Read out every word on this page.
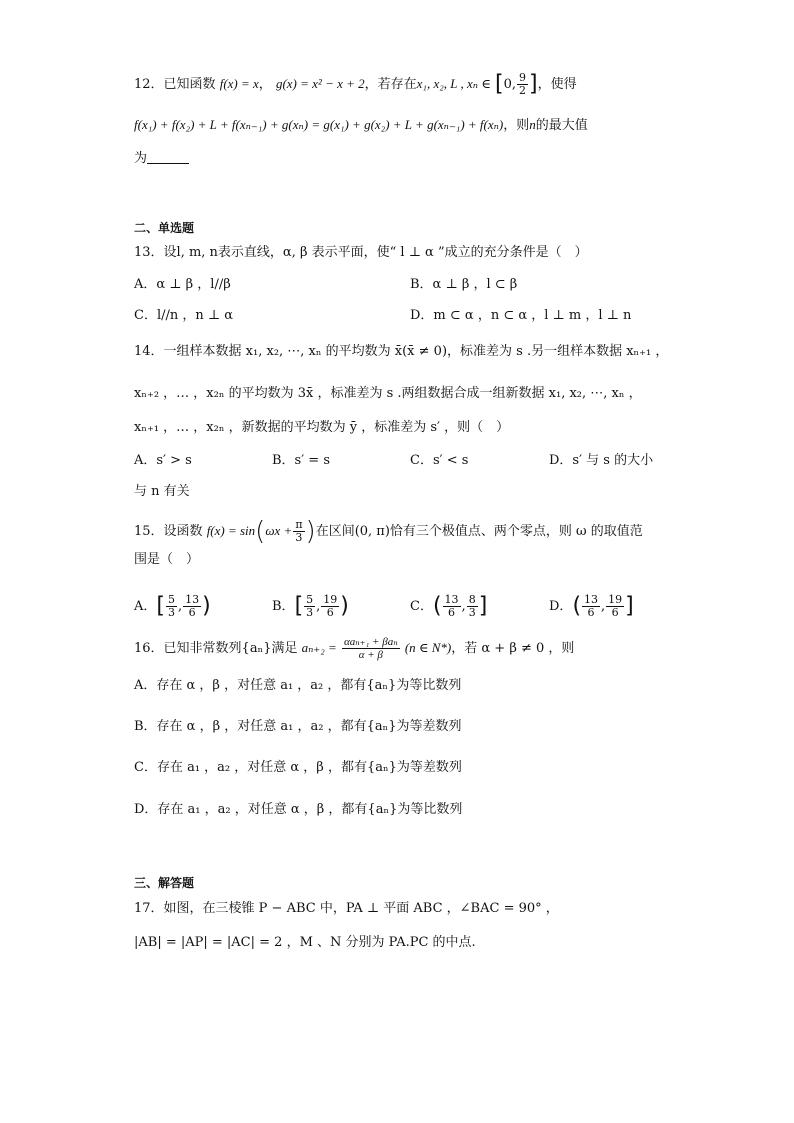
12．已知函数 f(x) = x， g(x) = x² − x + 2，若存在x₁, x₂, L , xₙ ∈ [0, $\frac{9}{2}$ ]，使得
f(x₁) + f(x₂) + L + f(xₙ₋₁) + g(xₙ) = g(x₁) + g(x₂) + L + g(xₙ₋₁) + f(xₙ)，则n的最大值
为
二、单选题
13．设l, m, n表示直线，α, β 表示平面，使“ l ⊥ α ”成立的充分条件是（　）
A．α ⊥ β ，l//β	B．α ⊥ β ，l ⊂ β
C．l//n ，n ⊥ α	D．m ⊂ α ，n ⊂ α ，l ⊥ m ，l ⊥ n
14．一组样本数据 x₁, x₂, ⋯, xₙ 的平均数为 x̄(x̄ ≠ 0)，标准差为 s .另一组样本数据 xₙ₊₁ ，
xₙ₊₂ ，… ，x₂ₙ 的平均数为 3x̄ ，标准差为 s .两组数据合成一组新数据 x₁, x₂, ⋯, xₙ ，
xₙ₊₁ ，… ，x₂ₙ ，新数据的平均数为 ȳ ，标准差为 s′ ，则（　）
A．s′ > s	B．s′ = s	C．s′ < s	D．s′ 与 s 的大小
与 n 有关
15．设函数 $f(x) = \sin(\omega x + \frac{\pi}{3}$ )在区间(0, π)恰有三个极值点、两个零点，则 ω 的取值范
围是（　）
A．[ $\frac{5}{3}$ , $\frac{13}{6}$ )	B．[ $\frac{5}{3}$ , $\frac{19}{6}$ )	C．( $\frac{13}{6}$ , $\frac{8}{3}$ ]	D．( $\frac{13}{6}$ , $\frac{19}{6}$ ]
16．已知非常数列{aₙ}满足 $a_{n+2} = \frac{\text{αaₙ₊₁ + βaₙ}}{\alpha + \beta} (n$ ∈ N*)，若 α + β ≠ 0 ，则
A．存在 α ，β ，对任意 a₁ ，a₂ ，都有{aₙ}为等比数列
B．存在 α ，β ，对任意 a₁ ，a₂ ，都有{aₙ}为等差数列
C．存在 a₁ ，a₂ ，对任意 α ，β ，都有{aₙ}为等差数列
D．存在 a₁ ，a₂ ，对任意 α ，β ，都有{aₙ}为等比数列
三、解答题
17．如图，在三棱锥 P − ABC 中，PA ⊥ 平面 ABC ，∠BAC = 90° ，
|AB| = |AP| = |AC| = 2 ，M 、N 分别为 PA.PC 的中点.
